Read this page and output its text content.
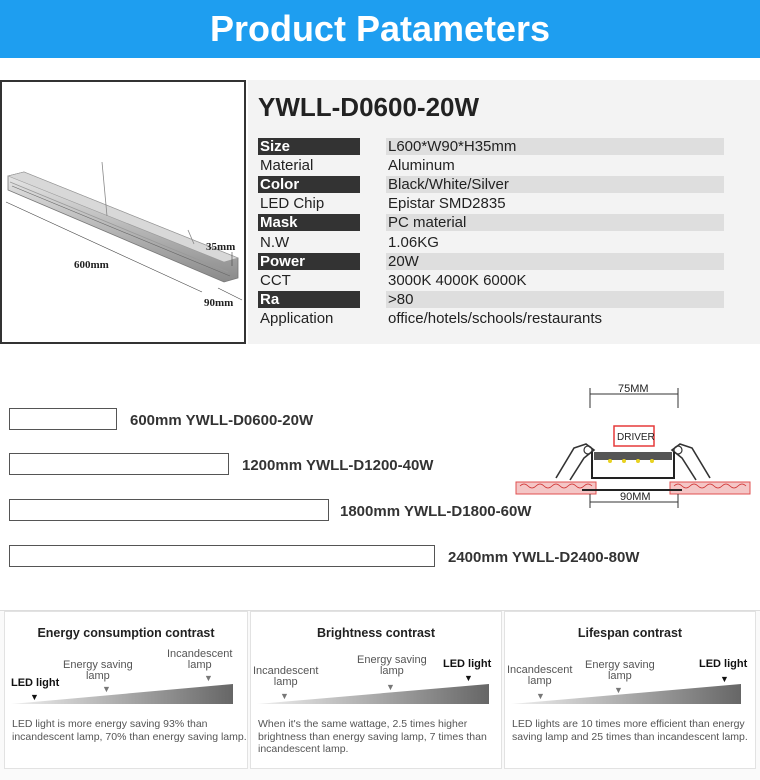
Product Patameters
600mm
35mm
90mm
YWLL-D0600-20W
Size	L600*W90*H35mm
Material	Aluminum
Color	Black/White/Silver
LED Chip	Epistar SMD2835
Mask	PC material
N.W	1.06KG
Power	20W
CCT	3000K 4000K 6000K
Ra	>80
Application	office/hotels/schools/restaurants
600mm YWLL-D0600-20W
1200mm YWLL-D1200-40W
1800mm YWLL-D1800-60W
2400mm YWLL-D2400-80W
75MM
DRIVER
90MM
Energy consumption contrast
▼
▼
▼
LED light
Energy saving
lamp
Incandescent
lamp
LED light is more energy saving 93% than incandescent lamp, 70% than energy saving lamp.
Brightness contrast
▼
▼
▼
Incandescent
lamp
Energy saving
lamp
LED light
When it's the same wattage, 2.5 times higher brightness than energy saving lamp, 7 times than incandescent lamp.
Lifespan contrast
▼
▼
▼
Incandescent
lamp
Energy saving
lamp
LED light
LED lights are 10 times more efficient than energy saving lamp and 25 times than incandescent lamp.
